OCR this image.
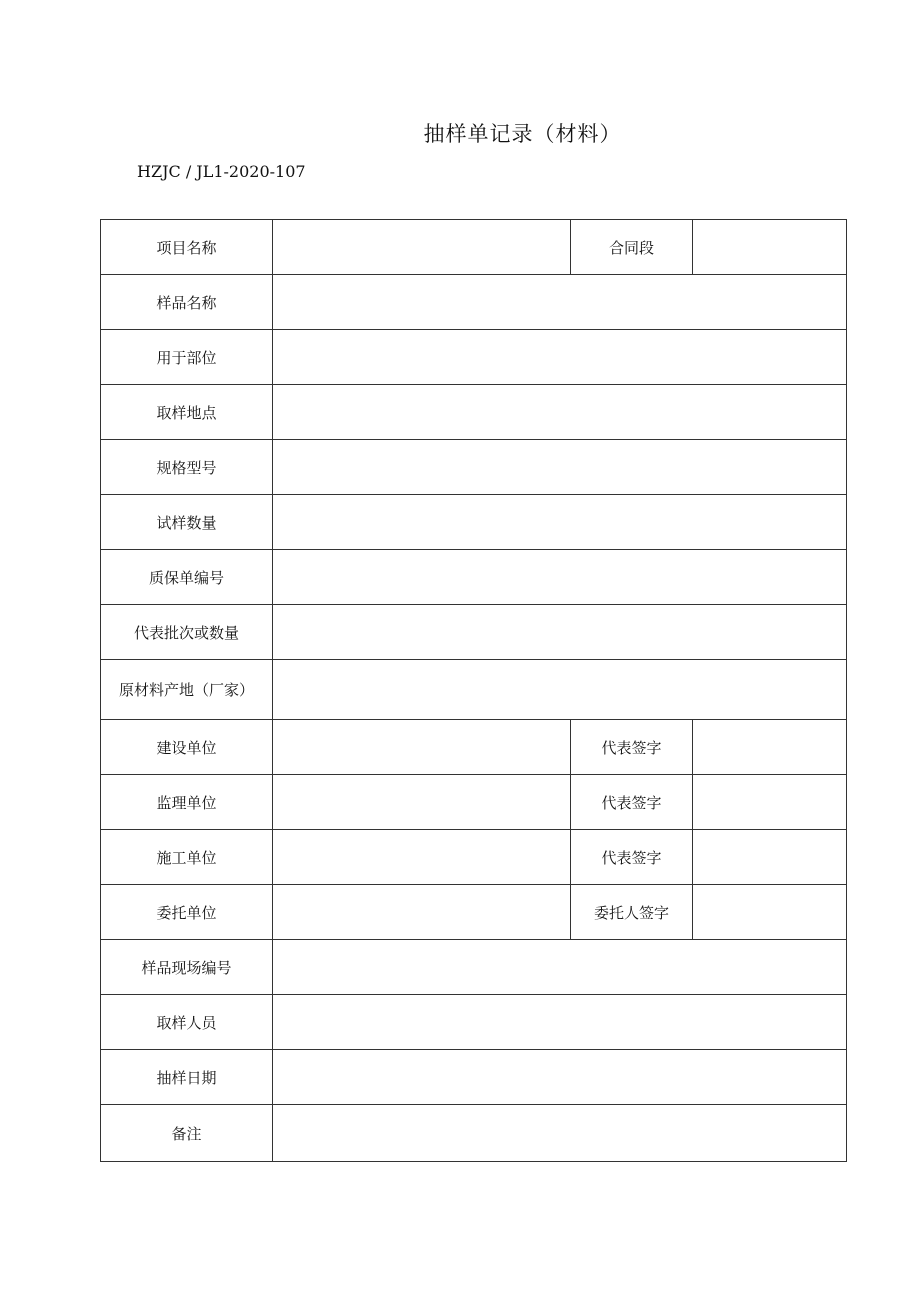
抽样单记录（材料）
HZJC / JL1-2020-107
项目名称		合同段	
样品名称			
用于部位			
取样地点			
规格型号			
试样数量			
质保单编号			
代表批次或数量			
原材料产地（厂家）			
建设单位		代表签字	
监理单位		代表签字	
施工单位		代表签字	
委托单位		委托人签字	
样品现场编号			
取样人员			
抽样日期			
备注			
